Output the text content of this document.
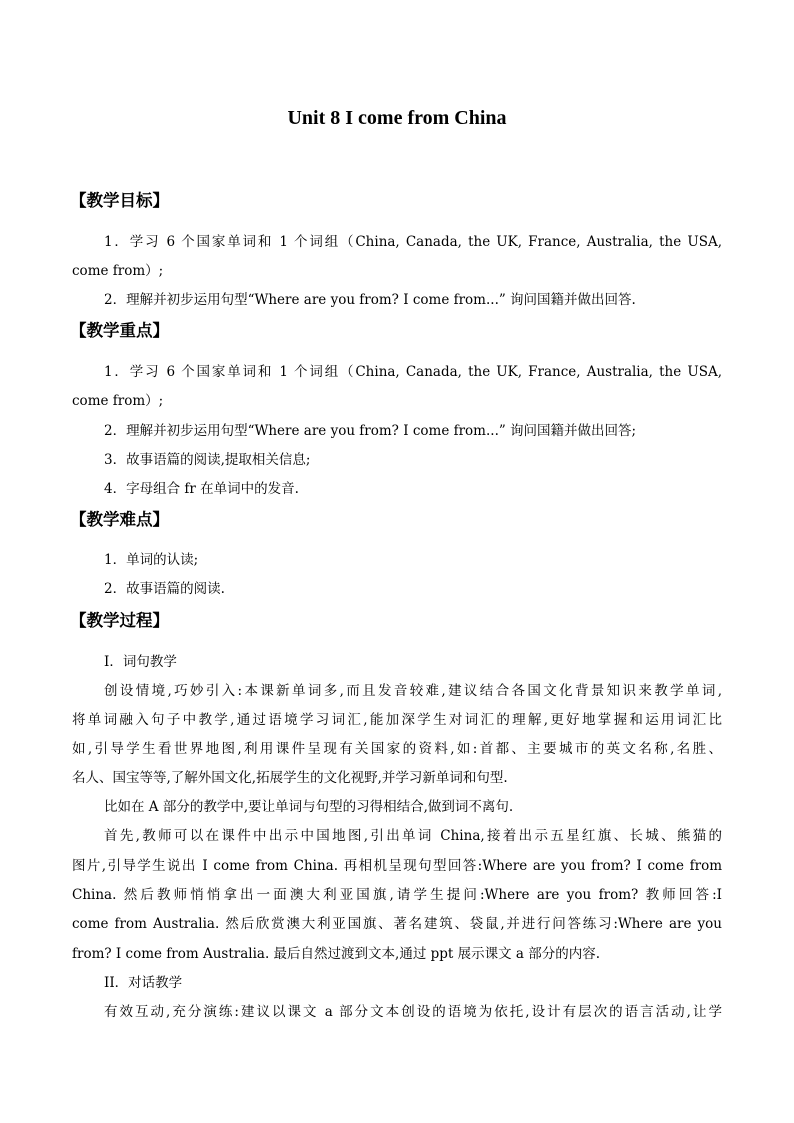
Unit 8 I come from China
【教学目标】
1．学习 6 个国家单词和 1 个词组（China, Canada, the UK, France, Australia, the USA,
come from）;
2．理解并初步运用句型“Where are you from? I come from...” 询问国籍并做出回答.
【教学重点】
1．学习 6 个国家单词和 1 个词组（China, Canada, the UK, France, Australia, the USA,
come from）;
2．理解并初步运用句型“Where are you from? I come from...” 询问国籍并做出回答;
3．故事语篇的阅读,提取相关信息;
4．字母组合 fr 在单词中的发音.
【教学难点】
1．单词的认读;
2．故事语篇的阅读.
【教学过程】
I．词句教学
创设情境,巧妙引入:本课新单词多,而且发音较难,建议结合各国文化背景知识来教学单词,
将单词融入句子中教学,通过语境学习词汇,能加深学生对词汇的理解,更好地掌握和运用词汇比
如,引导学生看世界地图,利用课件呈现有关国家的资料,如:首都、主要城市的英文名称,名胜、
名人、国宝等等,了解外国文化,拓展学生的文化视野,并学习新单词和句型.
比如在 A 部分的教学中,要让单词与句型的习得相结合,做到词不离句.
首先,教师可以在课件中出示中国地图,引出单词 China,接着出示五星红旗、长城、熊猫的
图片,引导学生说出 I come from China. 再相机呈现句型回答:Where are you from? I come from
China. 然后教师悄悄拿出一面澳大利亚国旗,请学生提问:Where are you from? 教师回答:I
come from Australia. 然后欣赏澳大利亚国旗、著名建筑、袋鼠,并进行问答练习:Where are you
from? I come from Australia. 最后自然过渡到文本,通过 ppt 展示课文 a 部分的内容.
II．对话教学
有效互动,充分演练:建议以课文 a 部分文本创设的语境为依托,设计有层次的语言活动,让学
